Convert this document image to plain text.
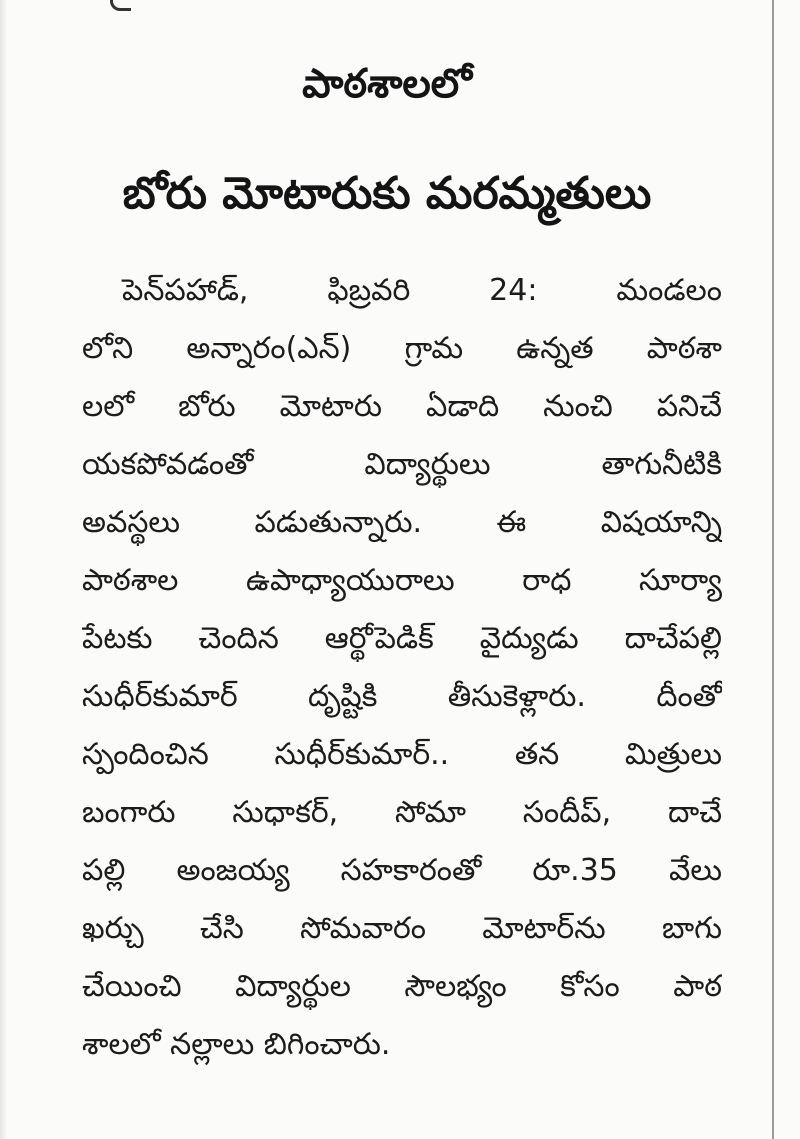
పాఠశాలలో
బోరు మోటారుకు మరమ్మతులు
పెన్‌పహాడ్, ఫిబ్రవరి 24: మండలం
లోని అన్నారం(ఎన్) గ్రామ ఉన్నత పాఠశా
లలో బోరు మోటారు ఏడాది నుంచి పనిచే
యకపోవడంతో విద్యార్థులు తాగునీటికి
అవస్థలు పడుతున్నారు. ఈ విషయాన్ని
పాఠశాల ఉపాధ్యాయురాలు రాధ సూర్యా
పేటకు చెందిన ఆర్థోపెడిక్ వైద్యుడు దాచేపల్లి
సుధీర్‌కుమార్ దృష్టికి తీసుకెళ్లారు. దీంతో
స్పందించిన సుధీర్‌కుమార్.. తన మిత్రులు
బంగారు సుధాకర్, సోమా సందీప్, దాచే
పల్లి అంజయ్య సహకారంతో రూ.35 వేలు
ఖర్చు చేసి సోమవారం మోటార్‌ను బాగు
చేయించి విద్యార్థుల సౌలభ్యం కోసం పాఠ
శాలలో నల్లాలు బిగించారు.
